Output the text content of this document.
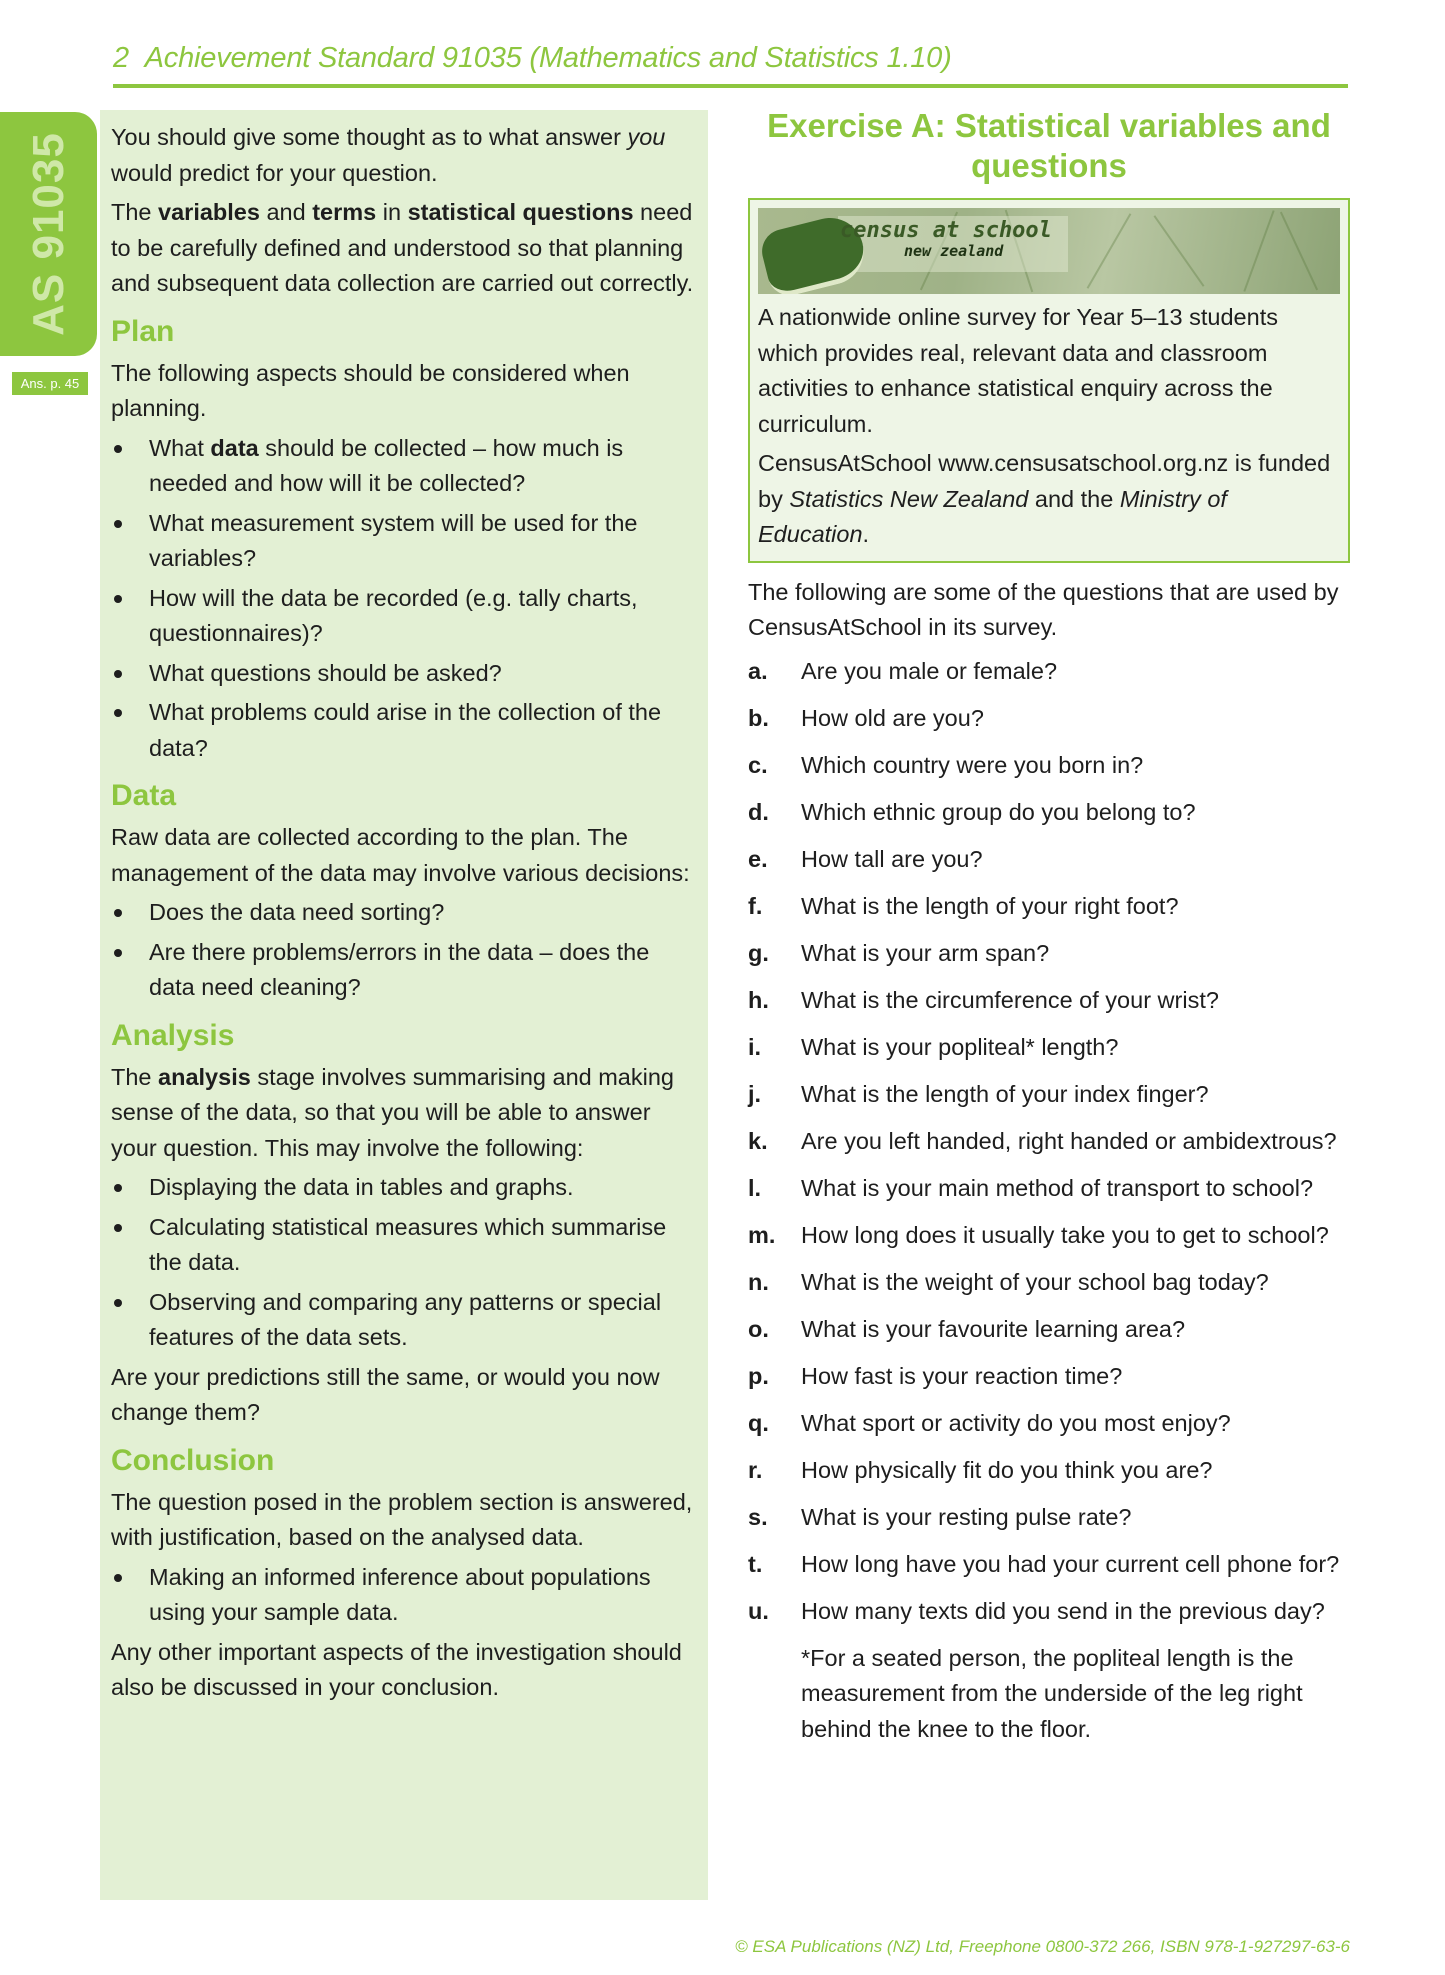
2 Achievement Standard 91035 (Mathematics and Statistics 1.10)
AS 91035
Ans. p. 45

You should give some thought as to what answer you would predict for your question.

The variables and terms in statistical questions need to be carefully defined and understood so that planning and subsequent data collection are carried out correctly.

Plan

The following aspects should be considered when planning.

What data should be collected – how much is needed and how will it be collected?
What measurement system will be used for the variables?
How will the data be recorded (e.g. tally charts, questionnaires)?
What questions should be asked?
What problems could arise in the collection of the data?
Data

Raw data are collected according to the plan. The management of the data may involve various decisions:

Does the data need sorting?
Are there problems/errors in the data – does the data need cleaning?
Analysis

The analysis stage involves summarising and making sense of the data, so that you will be able to answer your question. This may involve the following:

Displaying the data in tables and graphs.
Calculating statistical measures which summarise the data.
Observing and comparing any patterns or special features of the data sets.

Are your predictions still the same, or would you now change them?

Conclusion

The question posed in the problem section is answered, with justification, based on the analysed data.

Making an informed inference about populations using your sample data.

Any other important aspects of the investigation should also be discussed in your conclusion.

Exercise A: Statistical variables and questions
census at school
new zealand

A nationwide online survey for Year 5–13 students which provides real, relevant data and classroom activities to enhance statistical enquiry across the curriculum.

CensusAtSchool www.censusatschool.org.nz is funded by Statistics New Zealand and the Ministry of Education.

The following are some of the questions that are used by CensusAtSchool in its survey.

a. Are you male or female?
b. How old are you?
c. Which country were you born in?
d. Which ethnic group do you belong to?
e. How tall are you?
f. What is the length of your right foot?
g. What is your arm span?
h. What is the circumference of your wrist?
i. What is your popliteal* length?
j. What is the length of your index finger?
k. Are you left handed, right handed or ambidextrous?
l. What is your main method of transport to school?
m. How long does it usually take you to get to school?
n. What is the weight of your school bag today?
o. What is your favourite learning area?
p. How fast is your reaction time?
q. What sport or activity do you most enjoy?
r. How physically fit do you think you are?
s. What is your resting pulse rate?
t. How long have you had your current cell phone for?
u. How many texts did you send in the previous day?

*For a seated person, the popliteal length is the measurement from the underside of the leg right behind the knee to the floor.

© ESA Publications (NZ) Ltd, Freephone 0800-372 266, ISBN 978-1-927297-63-6
